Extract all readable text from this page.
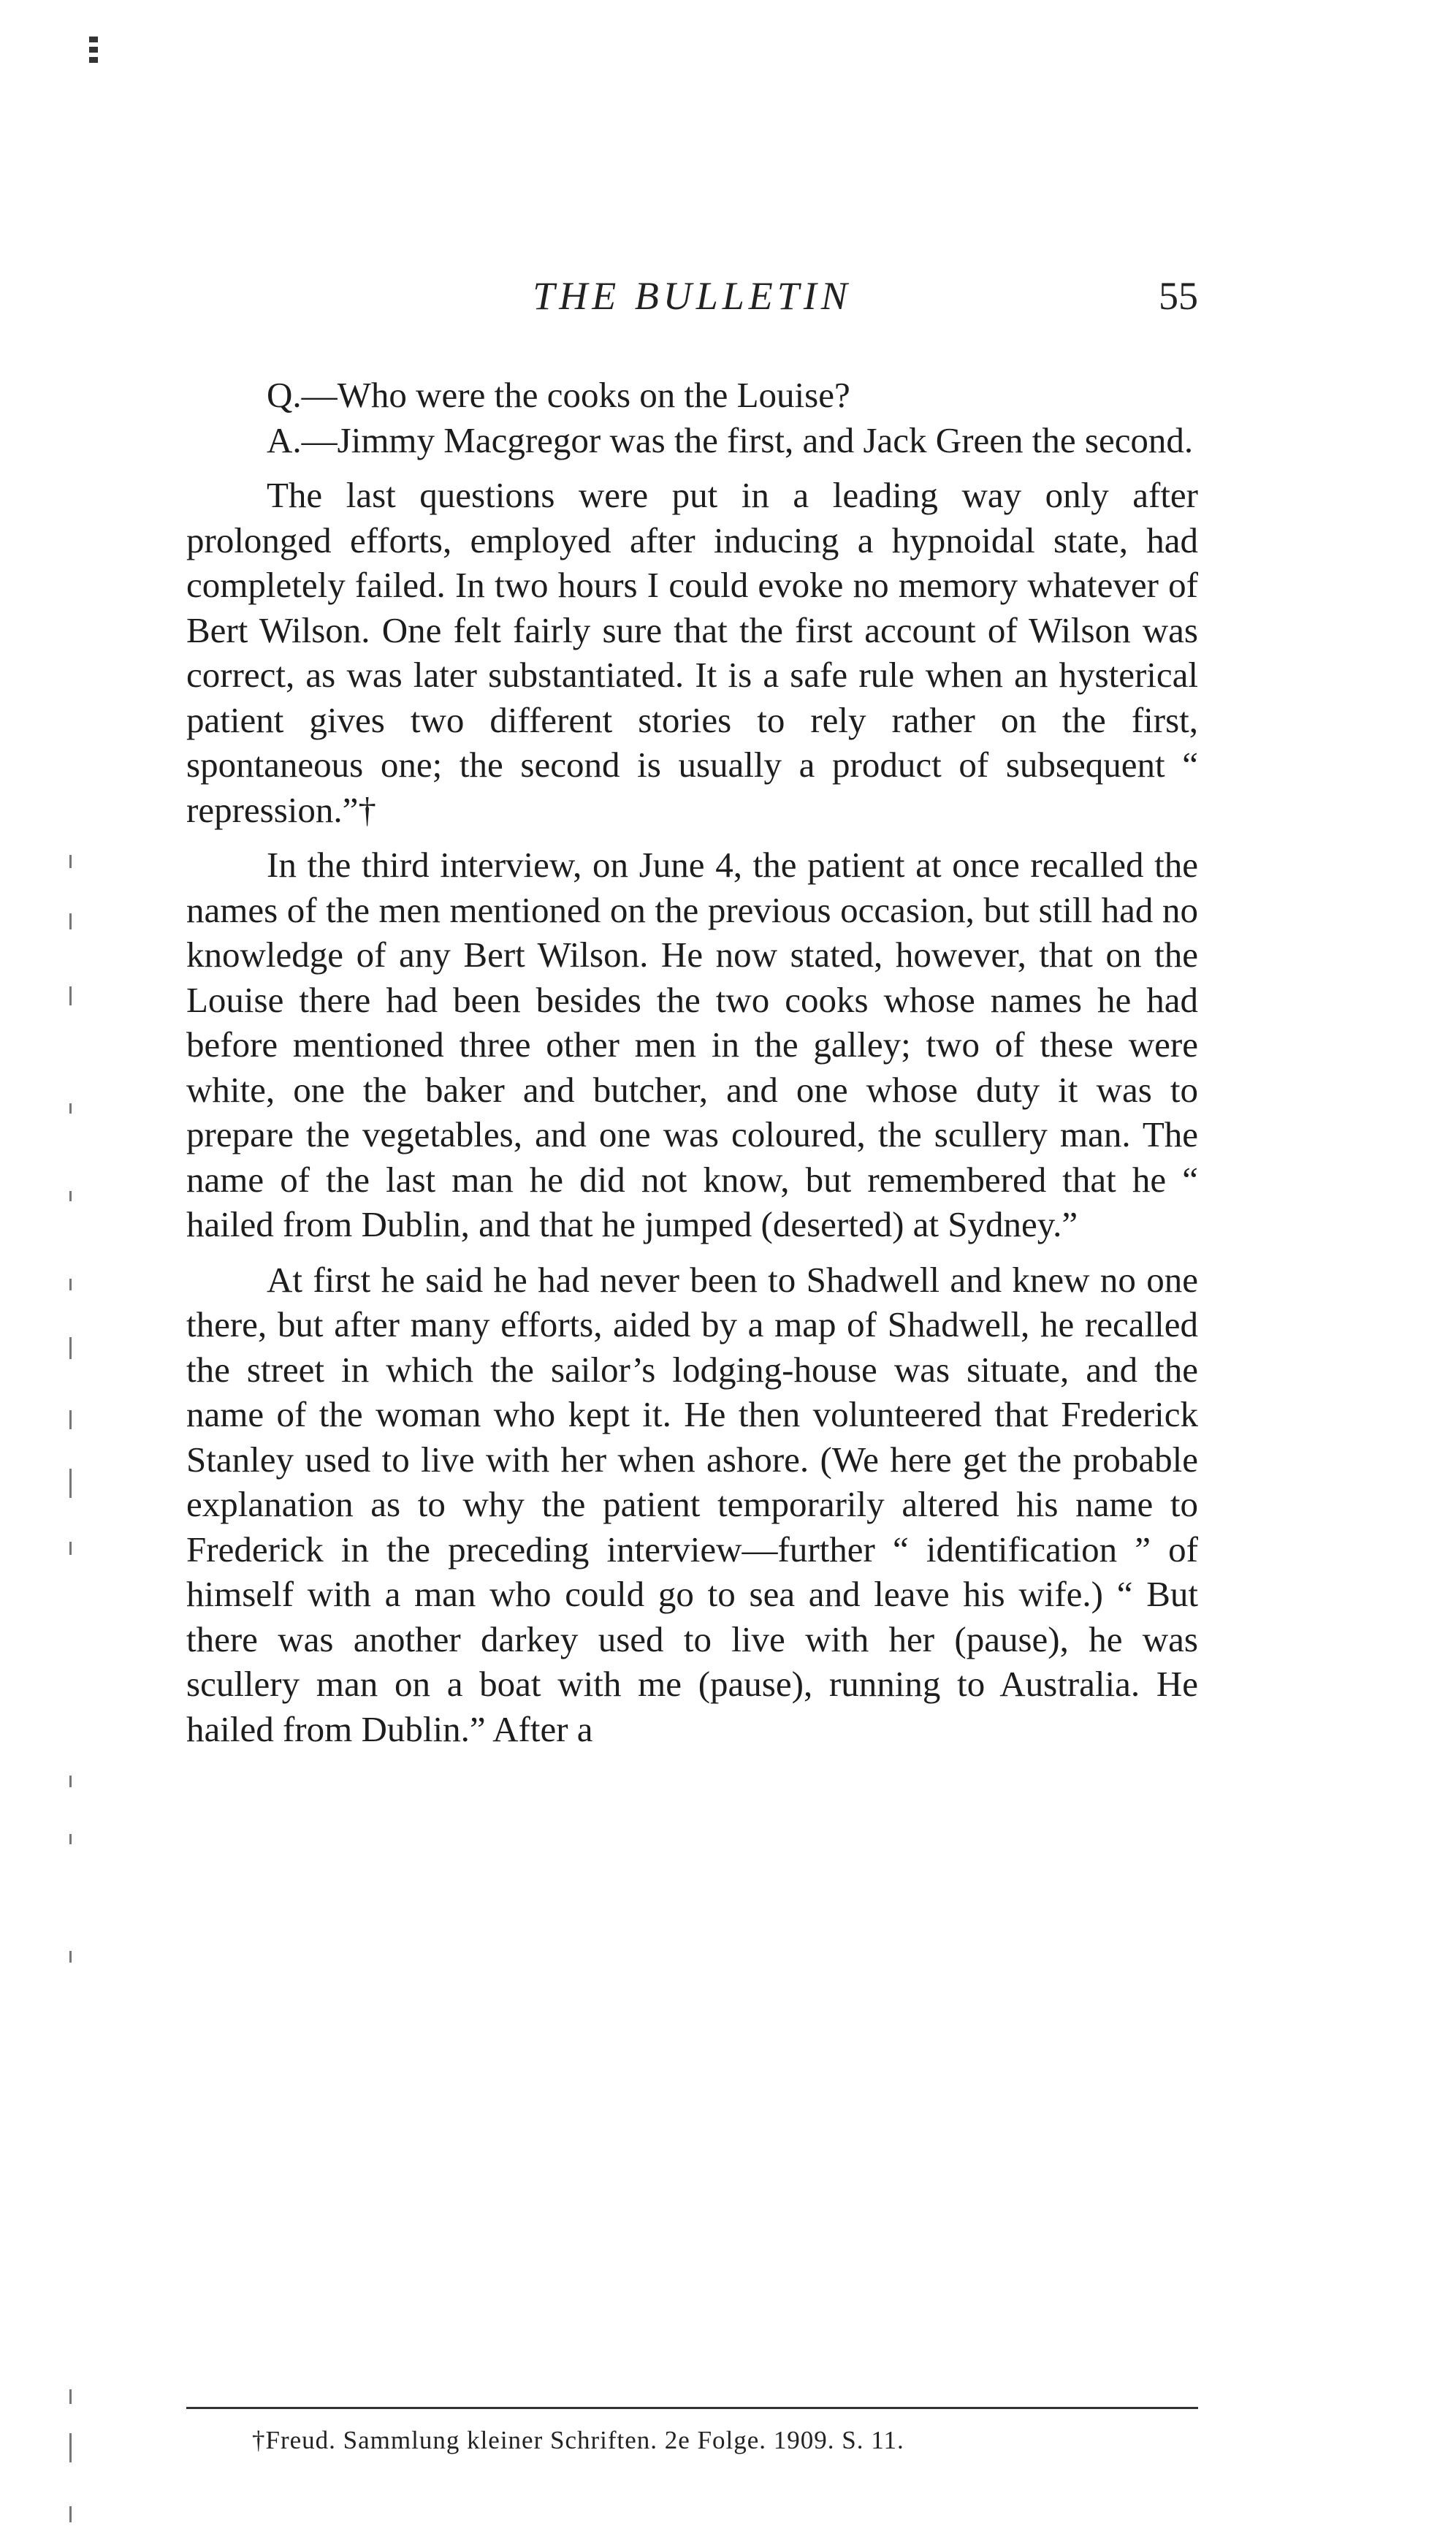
THE BULLETIN	55

Q.—Who were the cooks on the Louise?

A.—Jimmy Macgregor was the first, and Jack Green the second.

The last questions were put in a leading way only after prolonged efforts, employed after inducing a hypnoidal state, had completely failed. In two hours I could evoke no memory whatever of Bert Wilson. One felt fairly sure that the first account of Wilson was correct, as was later substantiated. It is a safe rule when an hysterical patient gives two different stories to rely rather on the first, spontaneous one; the second is usually a product of subsequent “ repression.”†

In the third interview, on June 4, the patient at once recalled the names of the men mentioned on the previous occasion, but still had no knowledge of any Bert Wilson. He now stated, however, that on the Louise there had been besides the two cooks whose names he had before mentioned three other men in the galley; two of these were white, one the baker and butcher, and one whose duty it was to prepare the vegetables, and one was coloured, the scullery man. The name of the last man he did not know, but remembered that he “ hailed from Dublin, and that he jumped (deserted) at Sydney.”

At first he said he had never been to Shadwell and knew no one there, but after many efforts, aided by a map of Shadwell, he recalled the street in which the sailor’s lodging-house was situate, and the name of the woman who kept it. He then volunteered that Frederick Stanley used to live with her when ashore. (We here get the probable explanation as to why the patient temporarily altered his name to Frederick in the preceding interview—further “ identification ” of himself with a man who could go to sea and leave his wife.) “ But there was another darkey used to live with her (pause), he was scullery man on a boat with me (pause), running to Australia. He hailed from Dublin.” After a

†Freud. Sammlung kleiner Schriften. 2e Folge. 1909. S. 11.
